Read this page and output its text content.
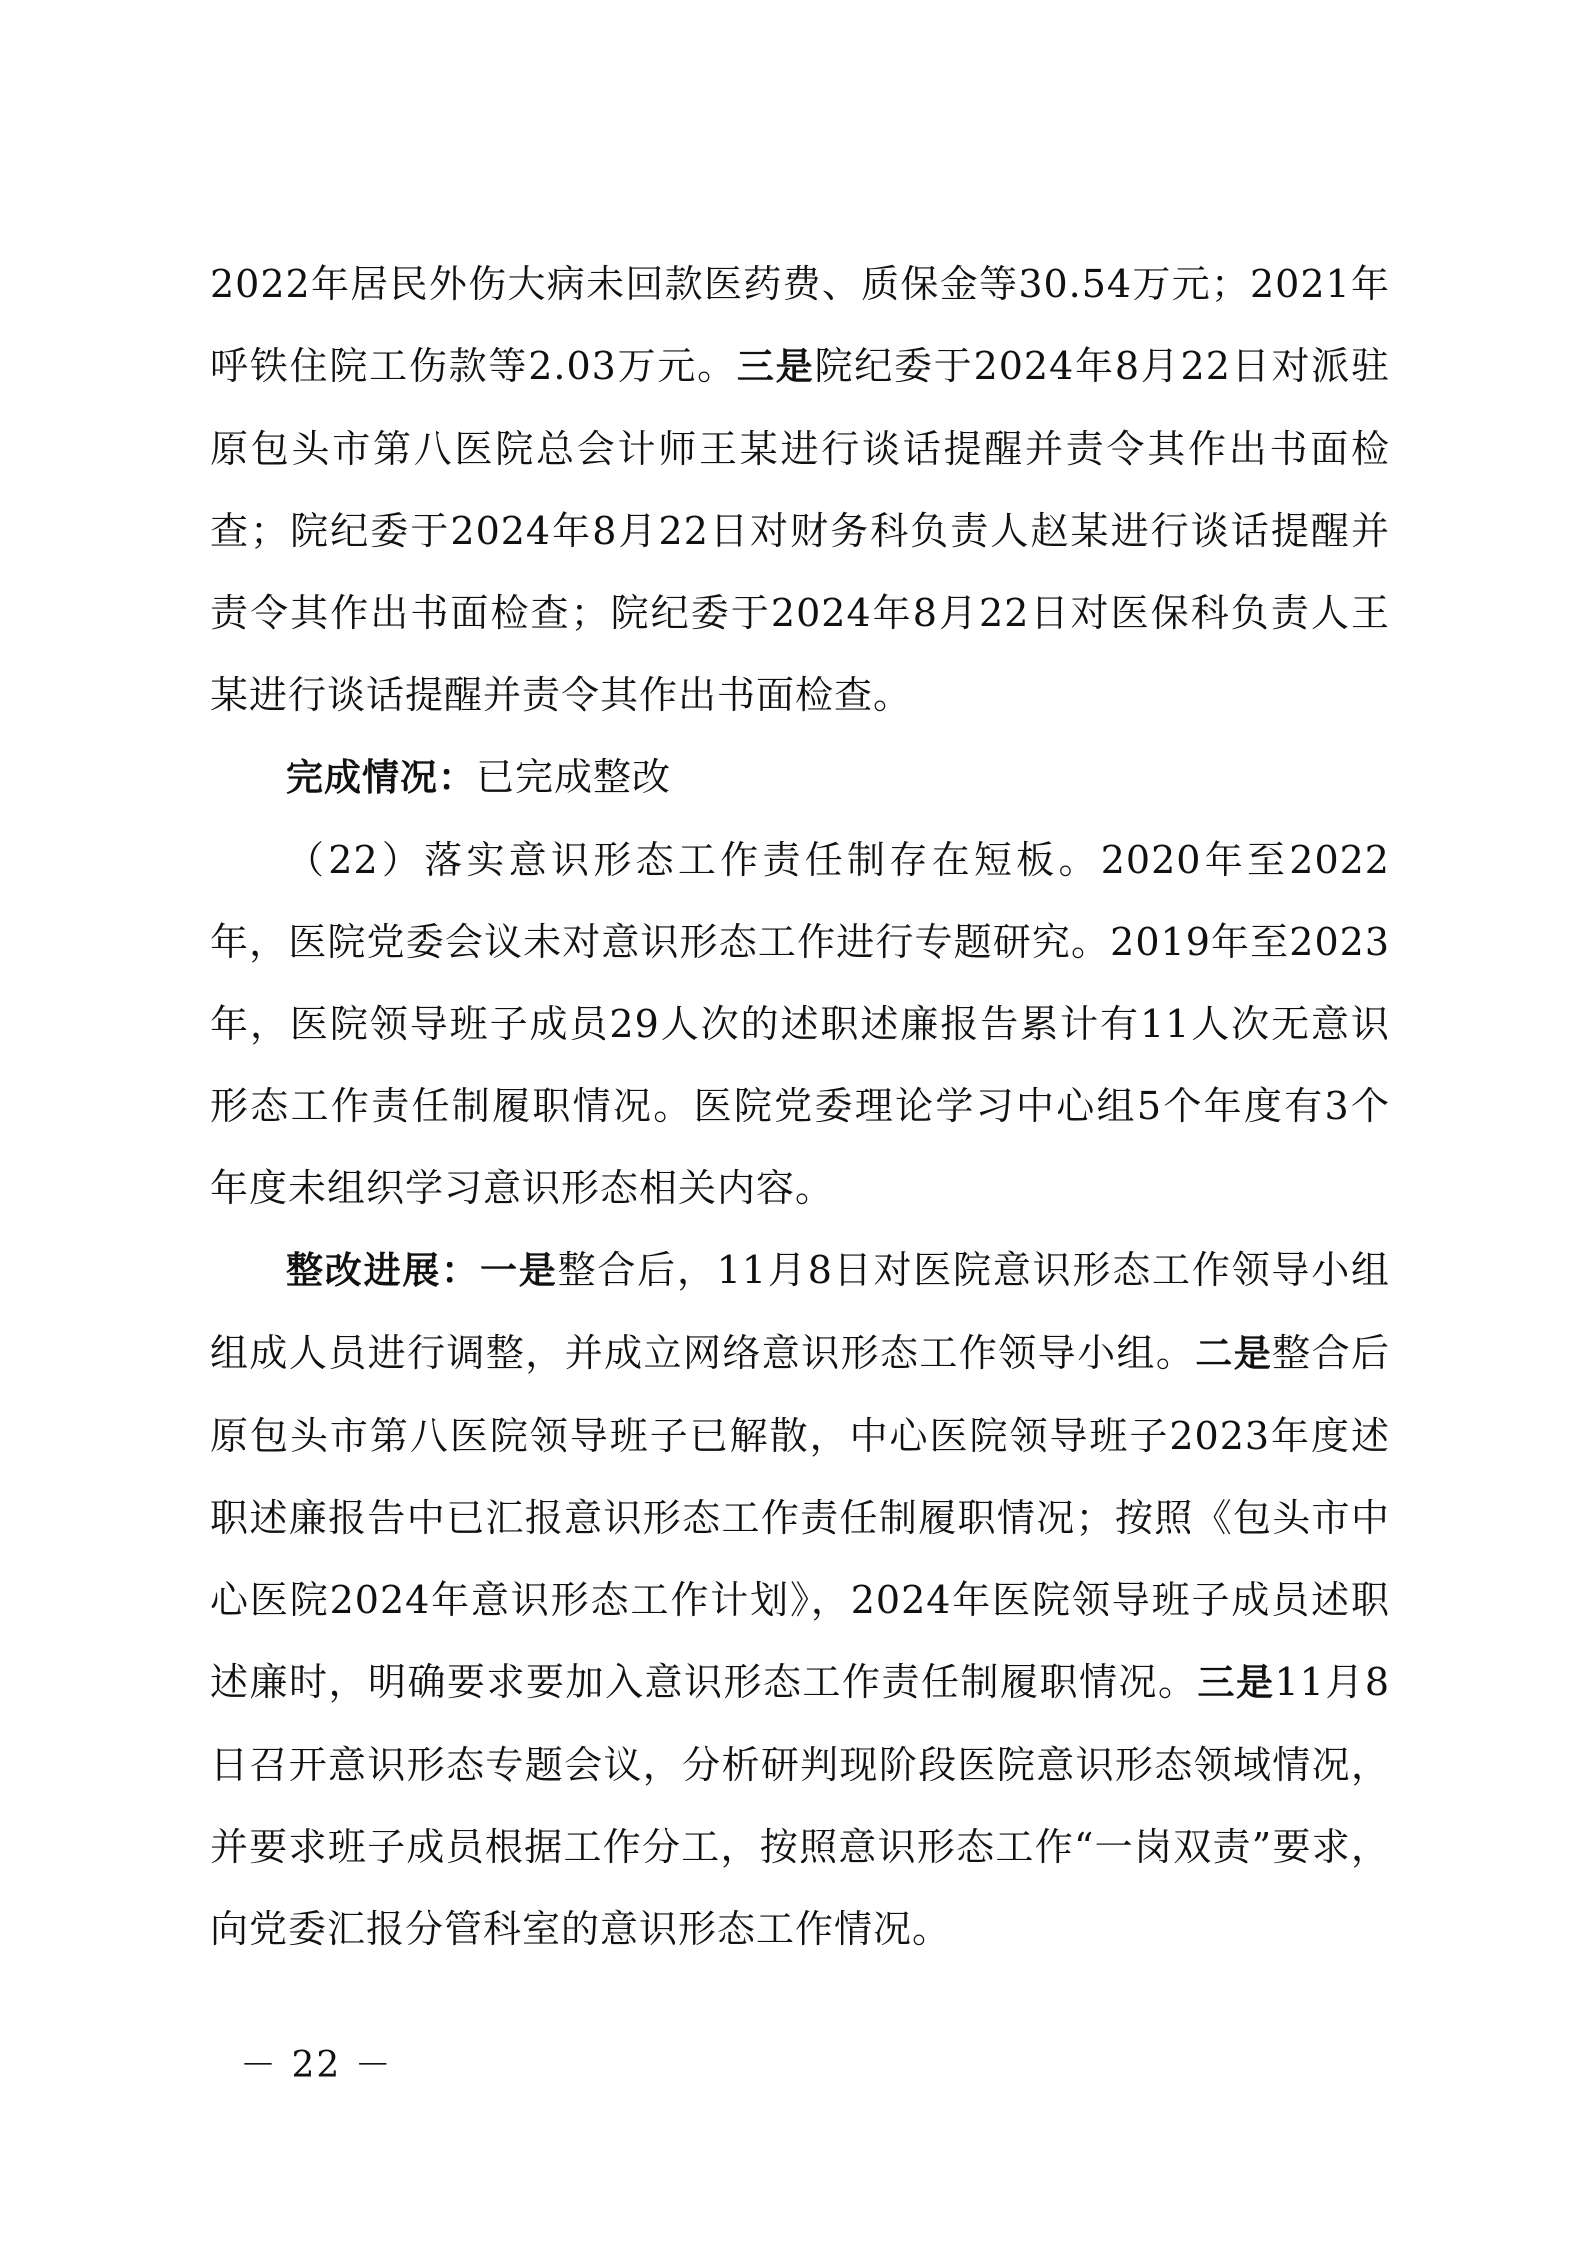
2022年居民外伤大病未回款医药费、质保金等30.54万元；2021年呼铁住院工伤款等2.03万元。三是院纪委于2024年8月22日对派驻原包头市第八医院总会计师王某进行谈话提醒并责令其作出书面检查；院纪委于2024年8月22日对财务科负责人赵某进行谈话提醒并责令其作出书面检查；院纪委于2024年8月22日对医保科负责人王某进行谈话提醒并责令其作出书面检查。

完成情况：已完成整改

（22）落实意识形态工作责任制存在短板。2020年至2022年，医院党委会议未对意识形态工作进行专题研究。2019年至2023年，医院领导班子成员29人次的述职述廉报告累计有11人次无意识形态工作责任制履职情况。医院党委理论学习中心组5个年度有3个年度未组织学习意识形态相关内容。

整改进展：一是整合后，11月8日对医院意识形态工作领导小组组成人员进行调整，并成立网络意识形态工作领导小组。二是整合后原包头市第八医院领导班子已解散，中心医院领导班子2023年度述职述廉报告中已汇报意识形态工作责任制履职情况；按照《包头市中心医院2024年意识形态工作计划》，2024年医院领导班子成员述职述廉时，明确要求要加入意识形态工作责任制履职情况。三是11月8日召开意识形态专题会议，分析研判现阶段医院意识形态领域情况，并要求班子成员根据工作分工，按照意识形态工作“一岗双责”要求，向党委汇报分管科室的意识形态工作情况。

－ 22 －
